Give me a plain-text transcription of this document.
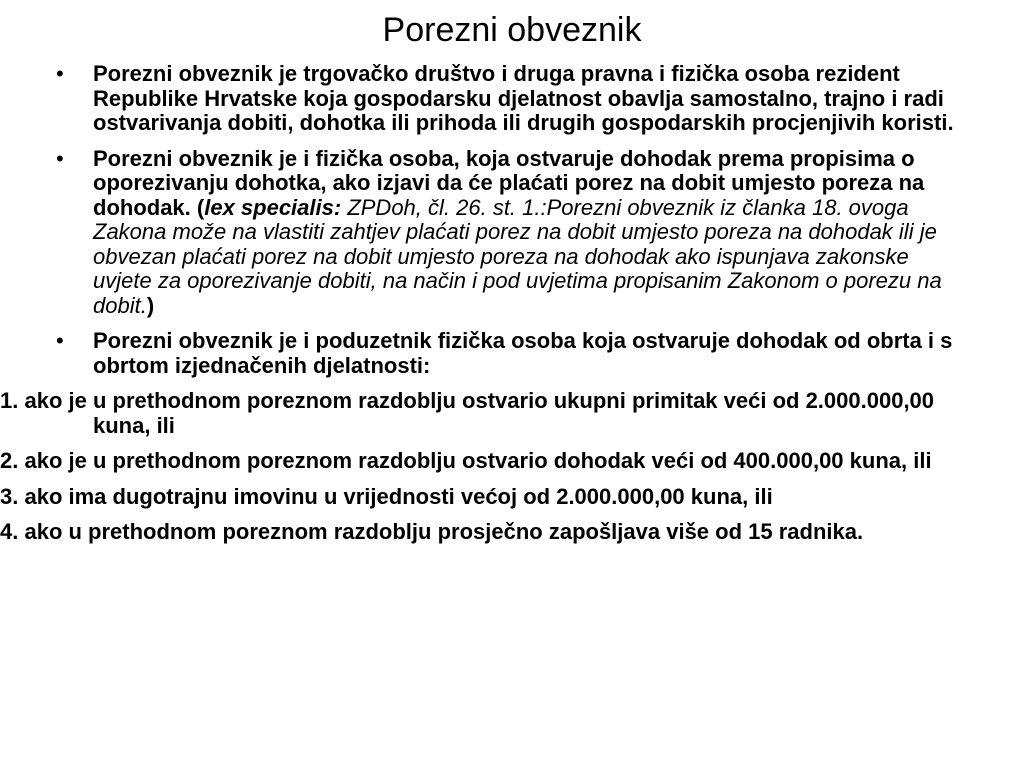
Porezni obveznik
• Porezni obveznik je trgovačko društvo i druga pravna i fizička osoba rezident Republike Hrvatske koja gospodarsku djelatnost obavlja samostalno, trajno i radi ostvarivanja dobiti, dohotka ili prihoda ili drugih gospodarskih procjenjivih koristi.
• Porezni obveznik je i fizička osoba, koja ostvaruje dohodak prema propisima o oporezivanju dohotka, ako izjavi da će plaćati porez na dobit umjesto poreza na dohodak. (lex specialis: ZPDoh, čl. 26. st. 1.:Porezni obveznik iz članka 18. ovoga Zakona može na vlastiti zahtjev plaćati porez na dobit umjesto poreza na dohodak ili je obvezan plaćati porez na dobit umjesto poreza na dohodak ako ispunjava zakonske uvjete za oporezivanje dobiti, na način i pod uvjetima propisanim Zakonom o porezu na dobit.)
• Porezni obveznik je i poduzetnik fizička osoba koja ostvaruje dohodak od obrta i s obrtom izjednačenih djelatnosti:
1. ako je u prethodnom poreznom razdoblju ostvario ukupni primitak veći od 2.000.000,00 kuna, ili
2. ako je u prethodnom poreznom razdoblju ostvario dohodak veći od 400.000,00 kuna, ili
3. ako ima dugotrajnu imovinu u vrijednosti većoj od 2.000.000,00 kuna, ili
4. ako u prethodnom poreznom razdoblju prosječno zapošljava više od 15 radnika.
